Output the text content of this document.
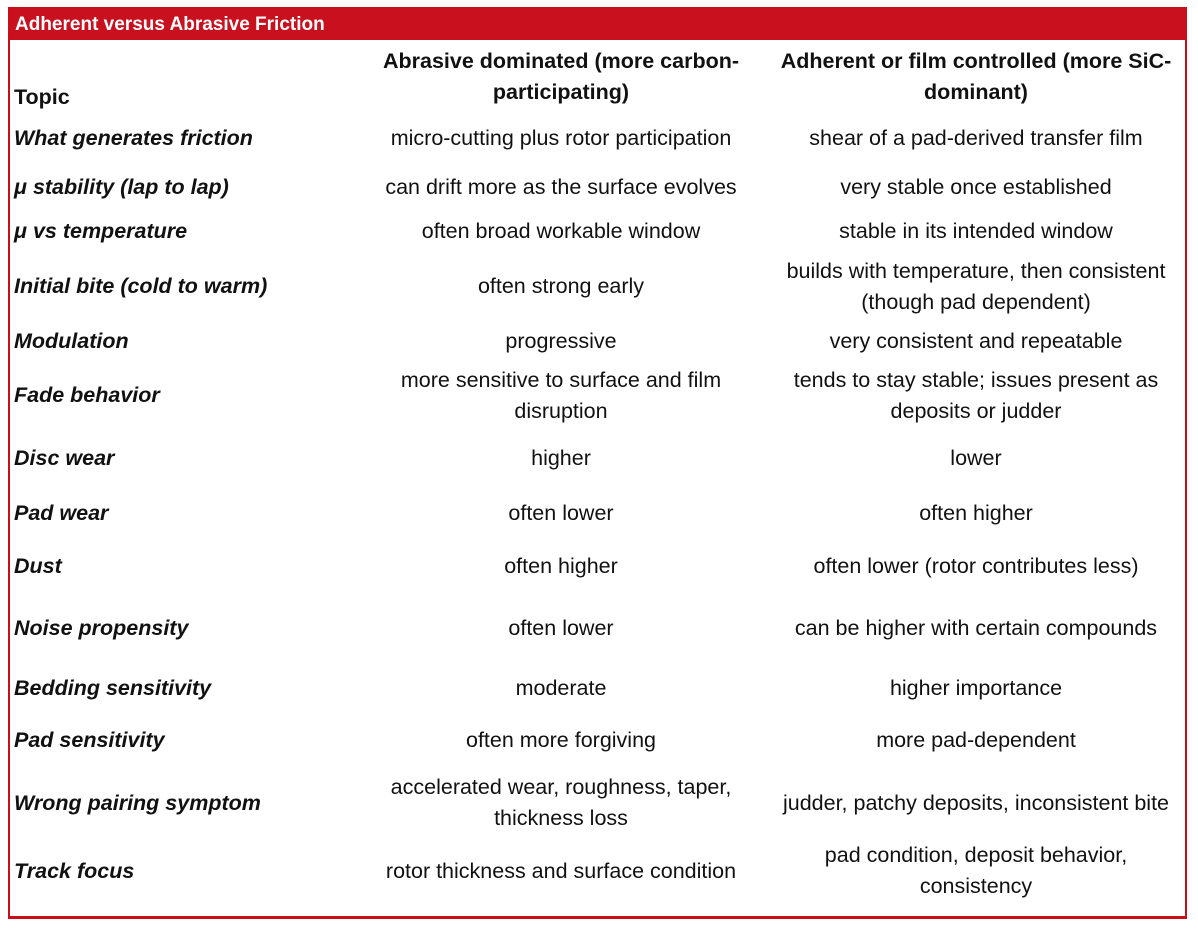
Adherent versus Abrasive Friction
Topic	Abrasive dominated (more carbon-participating)	Adherent or film controlled (more SiC-dominant)
What generates friction	micro-cutting plus rotor participation	shear of a pad-derived transfer film
μ stability (lap to lap)	can drift more as the surface evolves	very stable once established
μ vs temperature	often broad workable window	stable in its intended window
Initial bite (cold to warm)	often strong early	builds with temperature, then consistent (though pad dependent)
Modulation	progressive	very consistent and repeatable
Fade behavior	more sensitive to surface and film disruption	tends to stay stable; issues present as deposits or judder
Disc wear	higher	lower
Pad wear	often lower	often higher
Dust	often higher	often lower (rotor contributes less)
Noise propensity	often lower	can be higher with certain compounds
Bedding sensitivity	moderate	higher importance
Pad sensitivity	often more forgiving	more pad-dependent
Wrong pairing symptom	accelerated wear, roughness, taper, thickness loss	judder, patchy deposits, inconsistent bite
Track focus	rotor thickness and surface condition	pad condition, deposit behavior, consistency
